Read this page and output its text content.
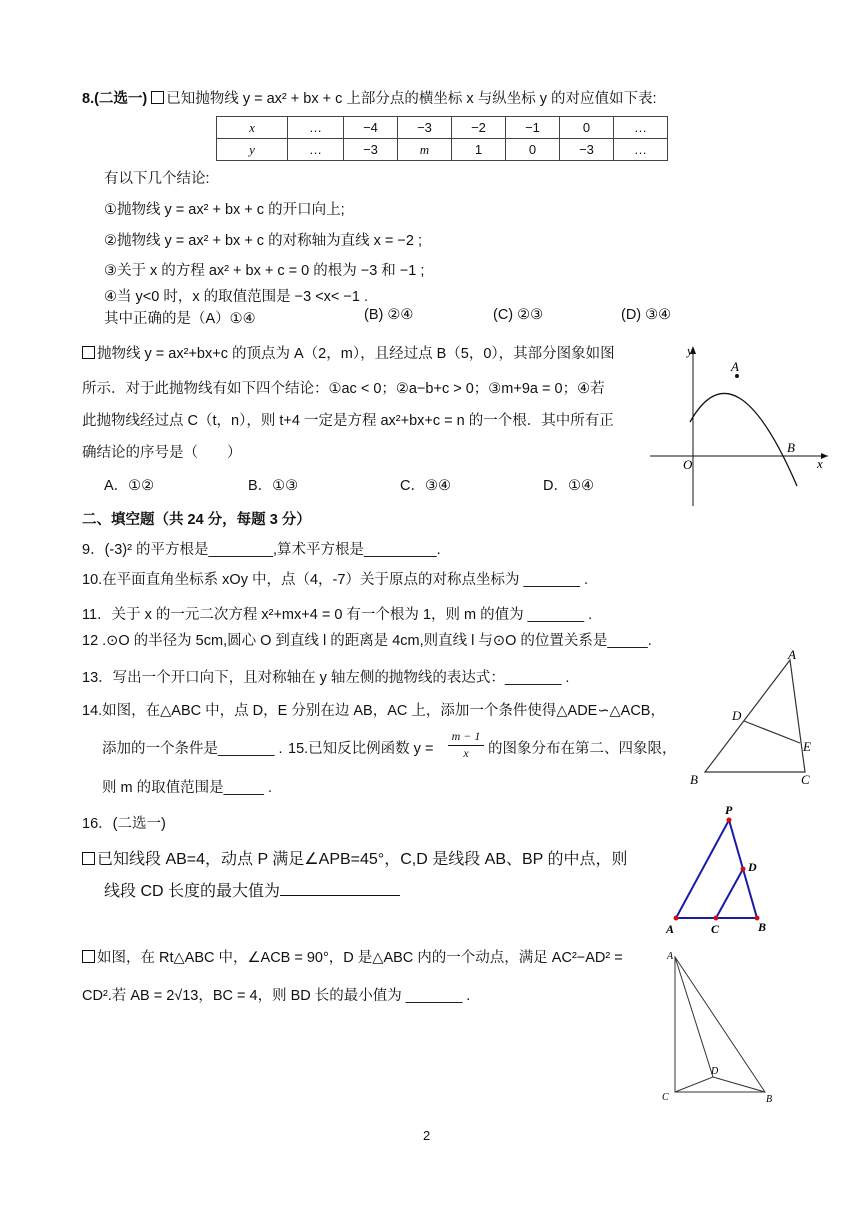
8.(二选一) 已知抛物线 y = ax² + bx + c 上部分点的横坐标 x 与纵坐标 y 的对应值如下表:
x	…	−4	−3	−2	−1	0	…
y	…	−3	m	1	0	−3	…
有以下几个结论:
①抛物线 y = ax² + bx + c 的开口向上;
②抛物线 y = ax² + bx + c 的对称轴为直线 x = −2 ;
③关于 x 的方程 ax² + bx + c = 0 的根为 −3 和 −1 ;
④当 y<0 时，x 的取值范围是 −3 <x< −1 .
其中正确的是（A）①④	(B) ②④	(C) ②③	(D) ③④
抛物线 y = ax²+bx+c 的顶点为 A（2，m），且经过点 B（5，0），其部分图象如图
所示．对于此抛物线有如下四个结论：①ac < 0；②a−b+c > 0；③m+9a = 0；④若
此抛物线经过点 C（t，n），则 t+4 一定是方程 ax²+bx+c = n 的一个根．其中所有正
确结论的序号是（　　）
A．①②	B．①③	C．③④	D．①④
y
x
A
B
O
二、填空题（共 24 分，每题 3 分）
9．(-3)² 的平方根是________,算术平方根是_________.
10.在平面直角坐标系 xOy 中，点（4，-7）关于原点的对称点坐标为 _______ .
11．关于 x 的一元二次方程 x²+mx+4 = 0 有一个根为 1，则 m 的值为 _______ .
12 .⊙O 的半径为 5cm,圆心 O 到直线 l 的距离是 4cm,则直线 l 与⊙O 的位置关系是_____.
13．写出一个开口向下，且对称轴在 y 轴左侧的抛物线的表达式：_______ .
14.如图，在△ABC 中，点 D，E 分别在边 AB，AC 上，添加一个条件使得△ADE∽△ACB，
添加的一个条件是_______ . 15.已知反比例函数 $y = \frac{m - 1}{x}$ 的图象分布在第二、四象限，
则 m 的取值范围是_____ .
A
B	C
D
E
16．(二选一)
已知线段 AB=4，动点 P 满足∠APB=45°，C,D 是线段 AB、BP 的中点，则
线段 CD 长度的最大值为
P
D
A	C	B
如图，在 Rt△ABC 中，∠ACB = 90°，D 是△ABC 内的一个动点，满足 AC²−AD² =
CD².若 AB = 2√13，BC = 4，则 BD 长的最小值为 _______ .
A
C
D
B
2
